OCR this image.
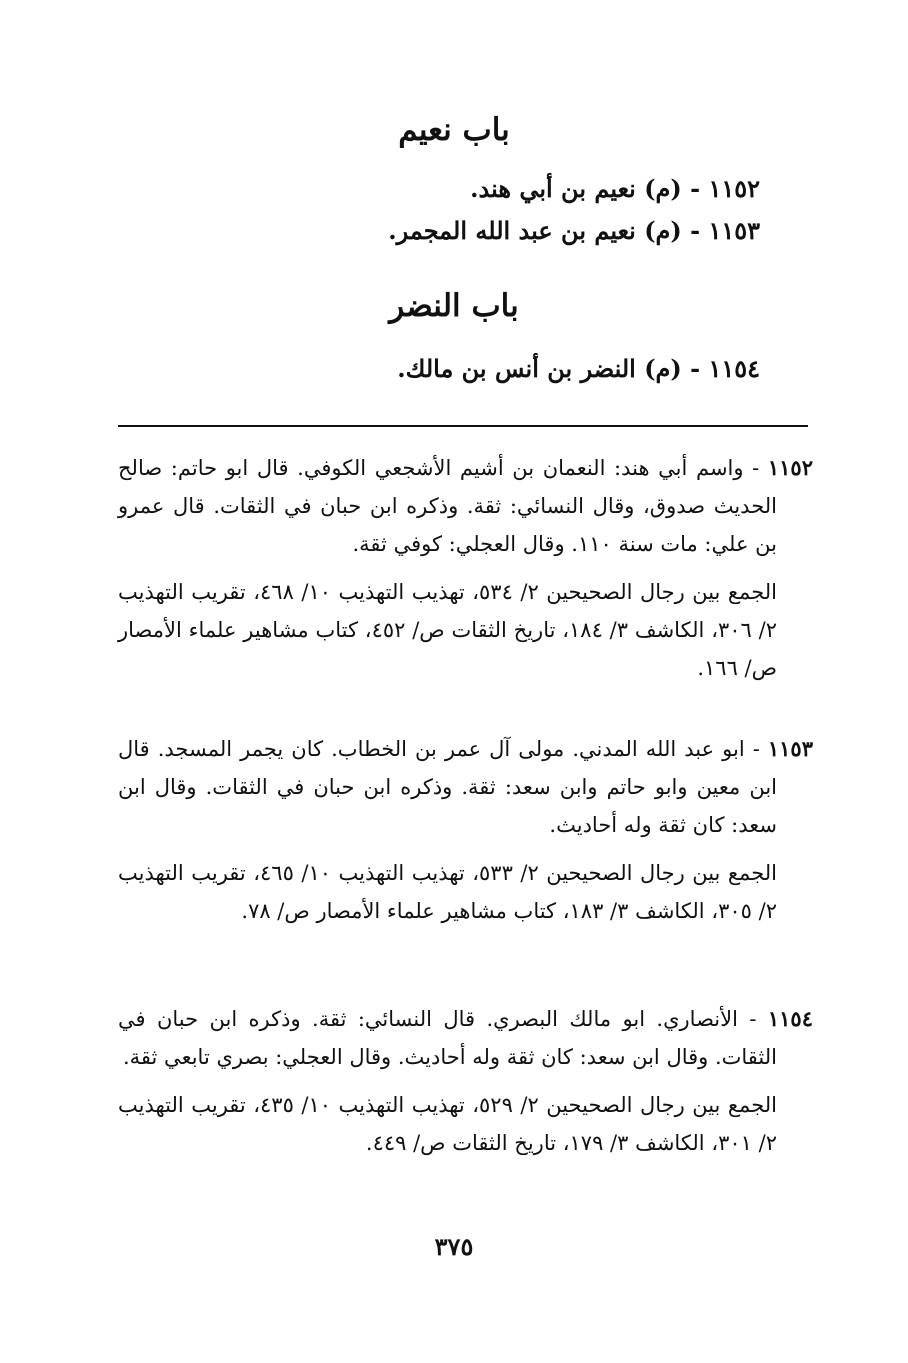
باب نعيم
١١٥٢ - (م) نعيم بن أبي هند.
١١٥٣ - (م) نعيم بن عبد الله المجمر.
باب النضر
١١٥٤ - (م) النضر بن أنس بن مالك.

١١٥٢ - واسم أبي هند: النعمان بن أشيم الأشجعي الكوفي. قال ابو حاتم: صالح الحديث صدوق، وقال النسائي: ثقة. وذكره ابن حبان في الثقات. قال عمرو بن علي: مات سنة ١١٠. وقال العجلي: كوفي ثقة.

الجمع بين رجال الصحيحين ٢/ ٥٣٤، تهذيب التهذيب ١٠/ ٤٦٨، تقريب التهذيب ٢/ ٣٠٦، الكاشف ٣/ ١٨٤، تاريخ الثقات ص/ ٤٥٢، كتاب مشاهير علماء الأمصار ص/ ١٦٦.

١١٥٣ - ابو عبد الله المدني. مولى آل عمر بن الخطاب. كان يجمر المسجد. قال ابن معين وابو حاتم وابن سعد: ثقة. وذكره ابن حبان في الثقات. وقال ابن سعد: كان ثقة وله أحاديث.

الجمع بين رجال الصحيحين ٢/ ٥٣٣، تهذيب التهذيب ١٠/ ٤٦٥، تقريب التهذيب ٢/ ٣٠٥، الكاشف ٣/ ١٨٣، كتاب مشاهير علماء الأمصار ص/ ٧٨.

١١٥٤ - الأنصاري. ابو مالك البصري. قال النسائي: ثقة. وذكره ابن حبان في الثقات. وقال ابن سعد: كان ثقة وله أحاديث. وقال العجلي: بصري تابعي ثقة.

الجمع بين رجال الصحيحين ٢/ ٥٢٩، تهذيب التهذيب ١٠/ ٤٣٥، تقريب التهذيب ٢/ ٣٠١، الكاشف ٣/ ١٧٩، تاريخ الثقات ص/ ٤٤٩.

٣٧٥
